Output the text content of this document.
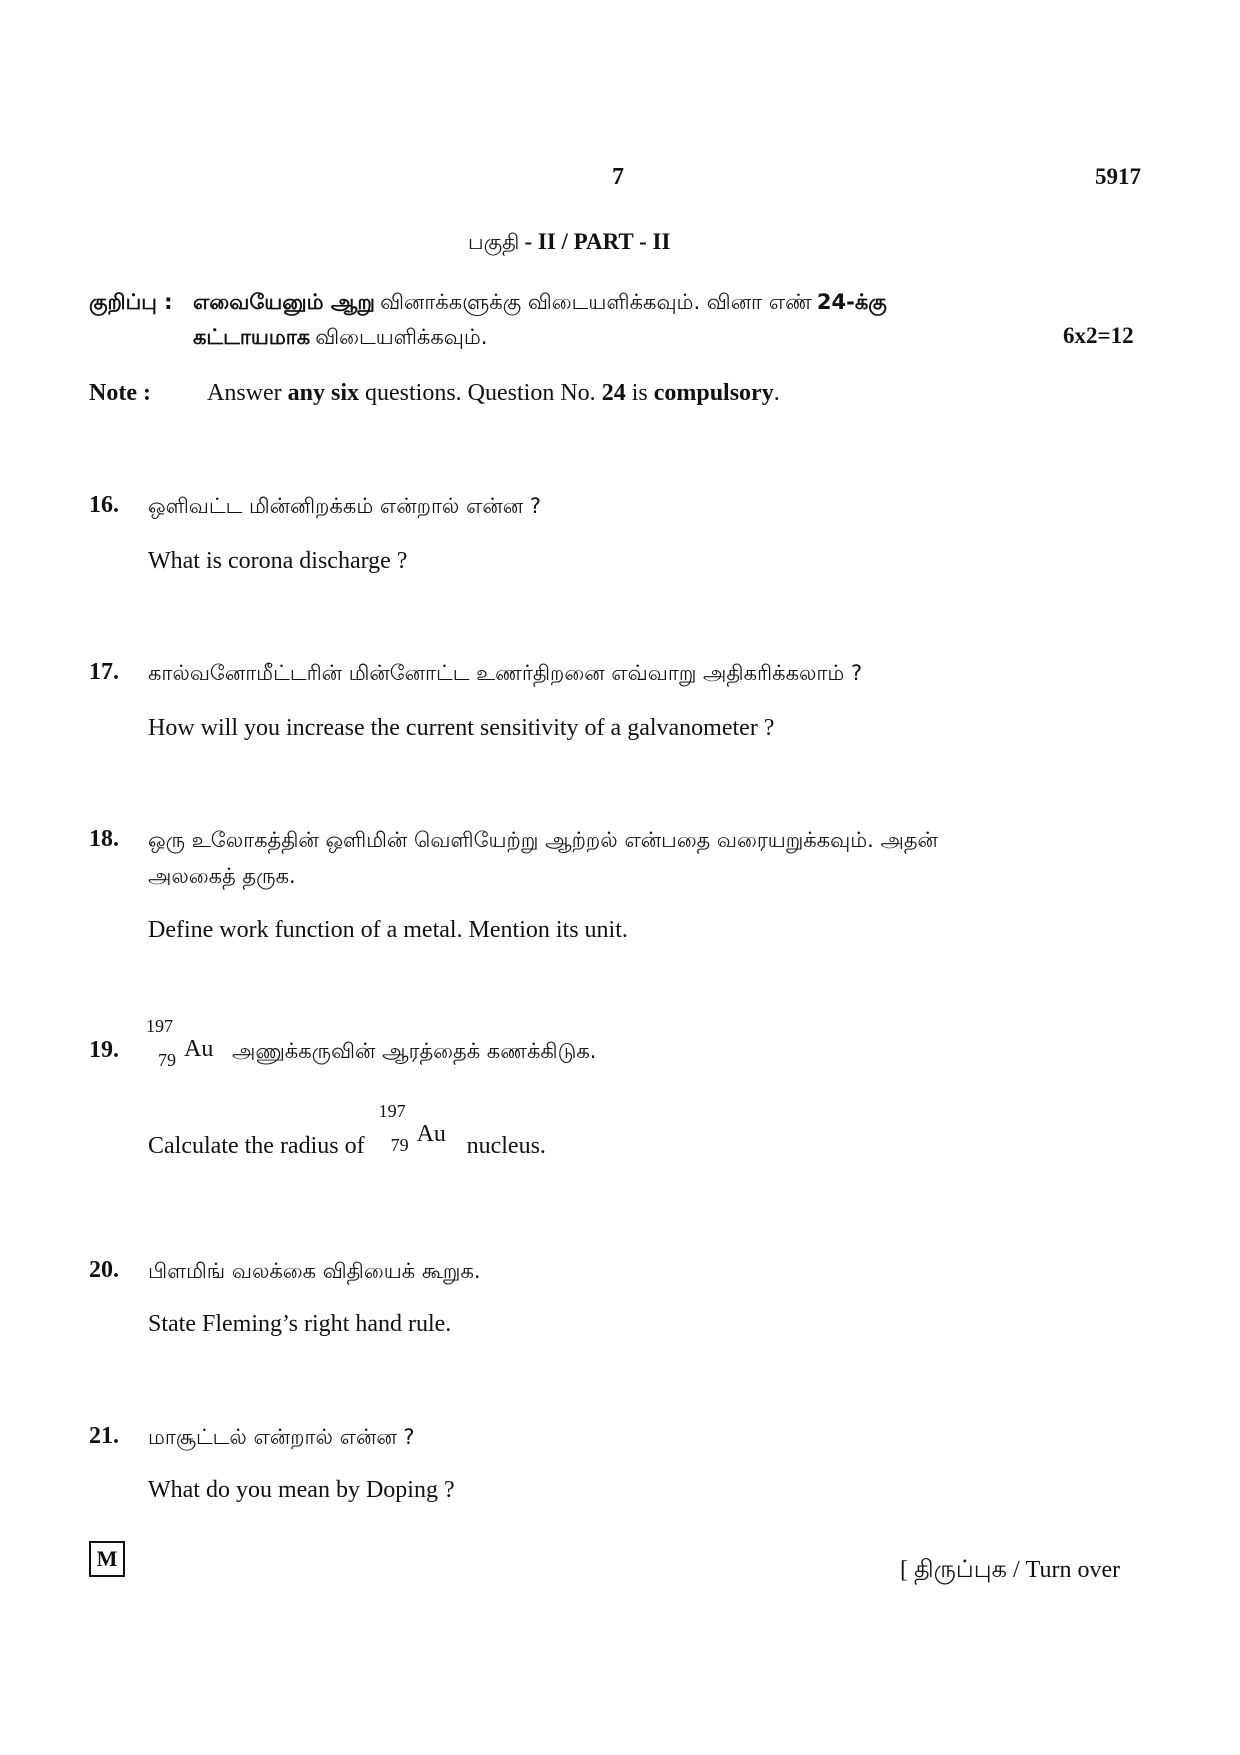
7	5917
பகுதி - II / PART - II
குறிப்பு : எவையேனும் ஆறு வினாக்களுக்கு விடையளிக்கவும். வினா எண் 24-க்கு
கட்டாயமாக விடையளிக்கவும்.	6x2=12
Note : Answer any six questions. Question No. 24 is compulsory.
16. ஒளிவட்ட மின்னிறக்கம் என்றால் என்ன ?
What is corona discharge ?
17. கால்வனோமீட்டரின் மின்னோட்ட உணர்திறனை எவ்வாறு அதிகரிக்கலாம் ?
How will you increase the current sensitivity of a galvanometer ?
18. ஒரு உலோகத்தின் ஒளிமின் வெளியேற்று ஆற்றல் என்பதை வரையறுக்கவும். அதன்
அலகைத் தருக.
Define work function of a metal. Mention its unit.
19.
197
79 Au அணுக்கருவின் ஆரத்தைக் கணக்கிடுக.
Calculate the radius of
197
79 Au nucleus.
20. பிளமிங் வலக்கை விதியைக் கூறுக.
State Fleming’s right hand rule.
21. மாசூட்டல் என்றால் என்ன ?
What do you mean by Doping ?
M	[ திருப்புக / Turn over
